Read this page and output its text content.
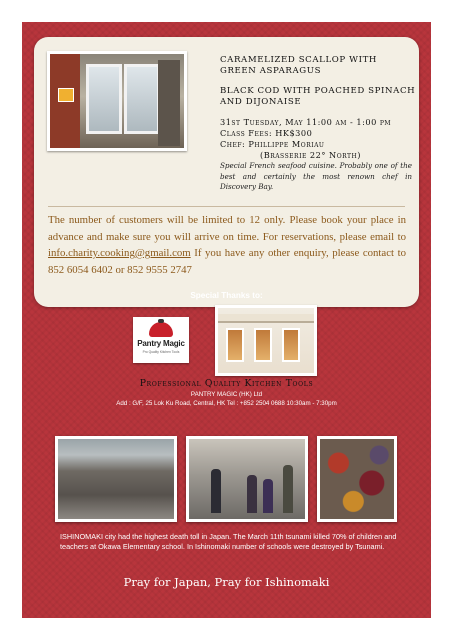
CARAMELIZED SCALLOP WITH GREEN ASPARAGUS
BLACK COD WITH POACHED SPINACH AND DIJONAISE
31st Tuesday, May 11:00 am - 1:00 pm
Class Fees: HK$300
Chef: Phillippe Moriau
(Brasserie 22° North)
Special French seafood cuisine. Probably one of the best and certainly the most renown chef in Discovery Bay.
The number of customers will be limited to 12 only. Please book your place in advance and make sure you will arrive on time. For reservations, please email to info.charity.cooking@gmail.com If you have any other enquiry, please contact to 852 6054 6402 or 852 9555 2747
Special Thanks to:
Pantry Magic
Pro Quality Kitchen Tools
Professional Quality Kitchen Tools
PANTRY MAGIC (HK) Ltd
Add : G/F, 25 Lok Ku Road, Central, HK Tel : +852 2504 0688 10:30am - 7:30pm
ISHINOMAKI city had the highest death toll in Japan. The March 11th tsunami killed 70% of children and teachers at Okawa Elementary school. In Ishinomaki number of schools were destroyed by Tsunami.
Pray for Japan, Pray for Ishinomaki
